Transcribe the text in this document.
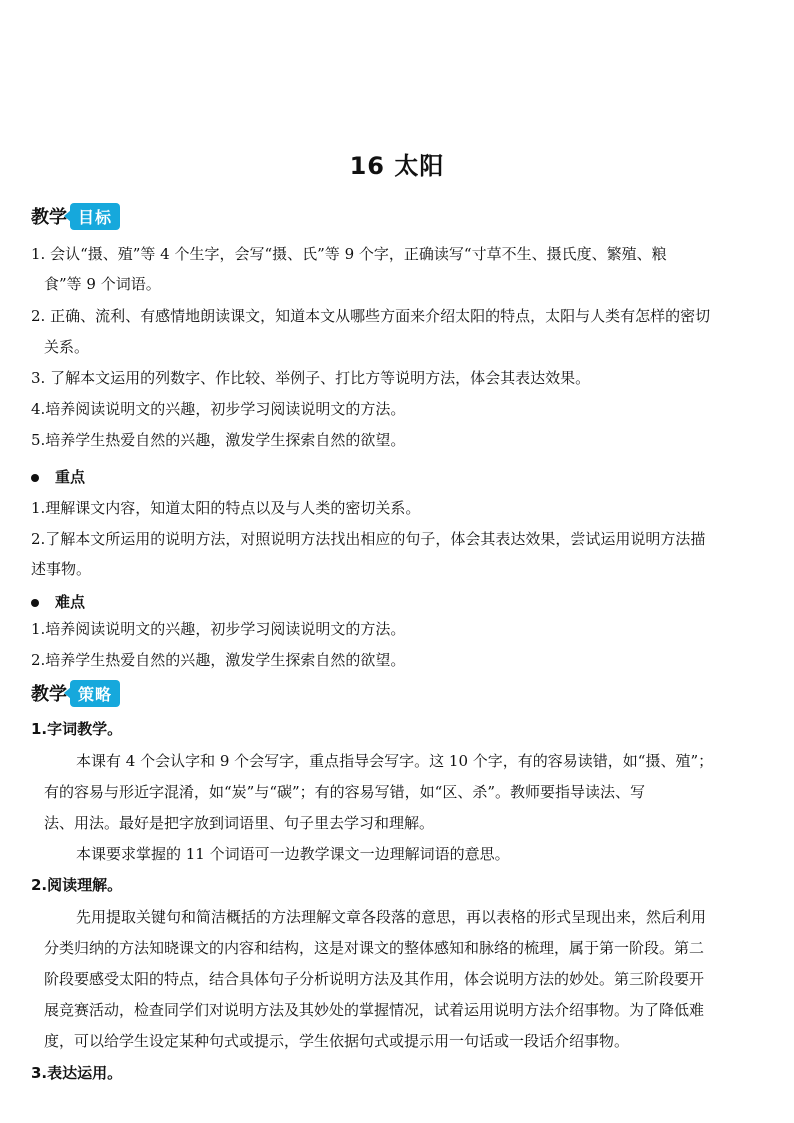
16 太阳
教学 目标
1. 会认“摄、殖”等 4 个生字，会写“摄、氏”等 9 个字，正确读写“寸草不生、摄氏度、繁殖、粮
食”等 9 个词语。
2. 正确、流利、有感情地朗读课文，知道本文从哪些方面来介绍太阳的特点，太阳与人类有怎样的密切
关系。
3. 了解本文运用的列数字、作比较、举例子、打比方等说明方法，体会其表达效果。
4.培养阅读说明文的兴趣，初步学习阅读说明文的方法。
5.培养学生热爱自然的兴趣，激发学生探索自然的欲望。
重点
1.理解课文内容，知道太阳的特点以及与人类的密切关系。
2.了解本文所运用的说明方法，对照说明方法找出相应的句子，体会其表达效果，尝试运用说明方法描
述事物。
难点
1.培养阅读说明文的兴趣，初步学习阅读说明文的方法。
2.培养学生热爱自然的兴趣，激发学生探索自然的欲望。
教学 策略
1.字词教学。
本课有 4 个会认字和 9 个会写字，重点指导会写字。这 10 个字，有的容易读错，如“摄、殖”；
有的容易与形近字混淆，如“炭”与“碳”；有的容易写错，如“区、杀”。教师要指导读法、写
法、用法。最好是把字放到词语里、句子里去学习和理解。
本课要求掌握的 11 个词语可一边教学课文一边理解词语的意思。
2.阅读理解。
先用提取关键句和简洁概括的方法理解文章各段落的意思，再以表格的形式呈现出来，然后利用
分类归纳的方法知晓课文的内容和结构，这是对课文的整体感知和脉络的梳理，属于第一阶段。第二
阶段要感受太阳的特点，结合具体句子分析说明方法及其作用，体会说明方法的妙处。第三阶段要开
展竞赛活动，检查同学们对说明方法及其妙处的掌握情况，试着运用说明方法介绍事物。为了降低难
度，可以给学生设定某种句式或提示，学生依据句式或提示用一句话或一段话介绍事物。
3.表达运用。
